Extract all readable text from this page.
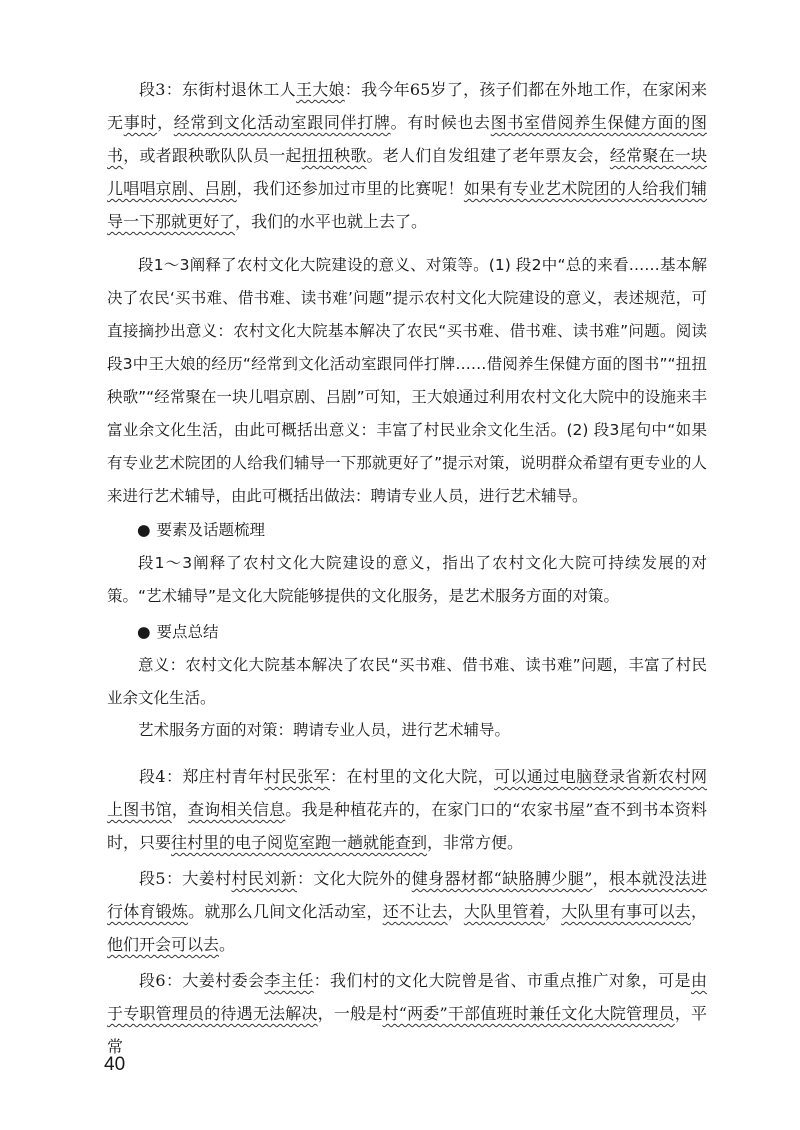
段3：东街村退休工人王大娘：我今年65岁了，孩子们都在外地工作，在家闲来无事时，经常到文化活动室跟同伴打牌。有时候也去图书室借阅养生保健方面的图书，或者跟秧歌队队员一起扭扭秧歌。老人们自发组建了老年票友会，经常聚在一块儿唱唱京剧、吕剧，我们还参加过市里的比赛呢！如果有专业艺术院团的人给我们辅导一下那就更好了，我们的水平也就上去了。

段1～3阐释了农村文化大院建设的意义、对策等。(1) 段2中“总的来看……基本解决了农民‘买书难、借书难、读书难’问题”提示农村文化大院建设的意义，表述规范，可直接摘抄出意义：农村文化大院基本解决了农民“买书难、借书难、读书难”问题。阅读段3中王大娘的经历“经常到文化活动室跟同伴打牌……借阅养生保健方面的图书”“扭扭秧歌”“经常聚在一块儿唱京剧、吕剧”可知，王大娘通过利用农村文化大院中的设施来丰富业余文化生活，由此可概括出意义：丰富了村民业余文化生活。(2) 段3尾句中“如果有专业艺术院团的人给我们辅导一下那就更好了”提示对策，说明群众希望有更专业的人来进行艺术辅导，由此可概括出做法：聘请专业人员，进行艺术辅导。

● 要素及话题梳理

段1～3阐释了农村文化大院建设的意义，指出了农村文化大院可持续发展的对策。“艺术辅导”是文化大院能够提供的文化服务，是艺术服务方面的对策。

● 要点总结

意义：农村文化大院基本解决了农民“买书难、借书难、读书难”问题，丰富了村民业余文化生活。

艺术服务方面的对策：聘请专业人员，进行艺术辅导。

段4：郑庄村青年村民张军：在村里的文化大院，可以通过电脑登录省新农村网上图书馆，查询相关信息。我是种植花卉的，在家门口的“农家书屋”查不到书本资料时，只要往村里的电子阅览室跑一趟就能查到，非常方便。

段5：大姜村村民刘新：文化大院外的健身器材都“缺胳膊少腿”，根本就没法进行体育锻炼。就那么几间文化活动室，还不让去，大队里管着，大队里有事可以去，他们开会可以去。

段6：大姜村委会李主任：我们村的文化大院曾是省、市重点推广对象，可是由于专职管理员的待遇无法解决，一般是村“两委”干部值班时兼任文化大院管理员，平常

40
